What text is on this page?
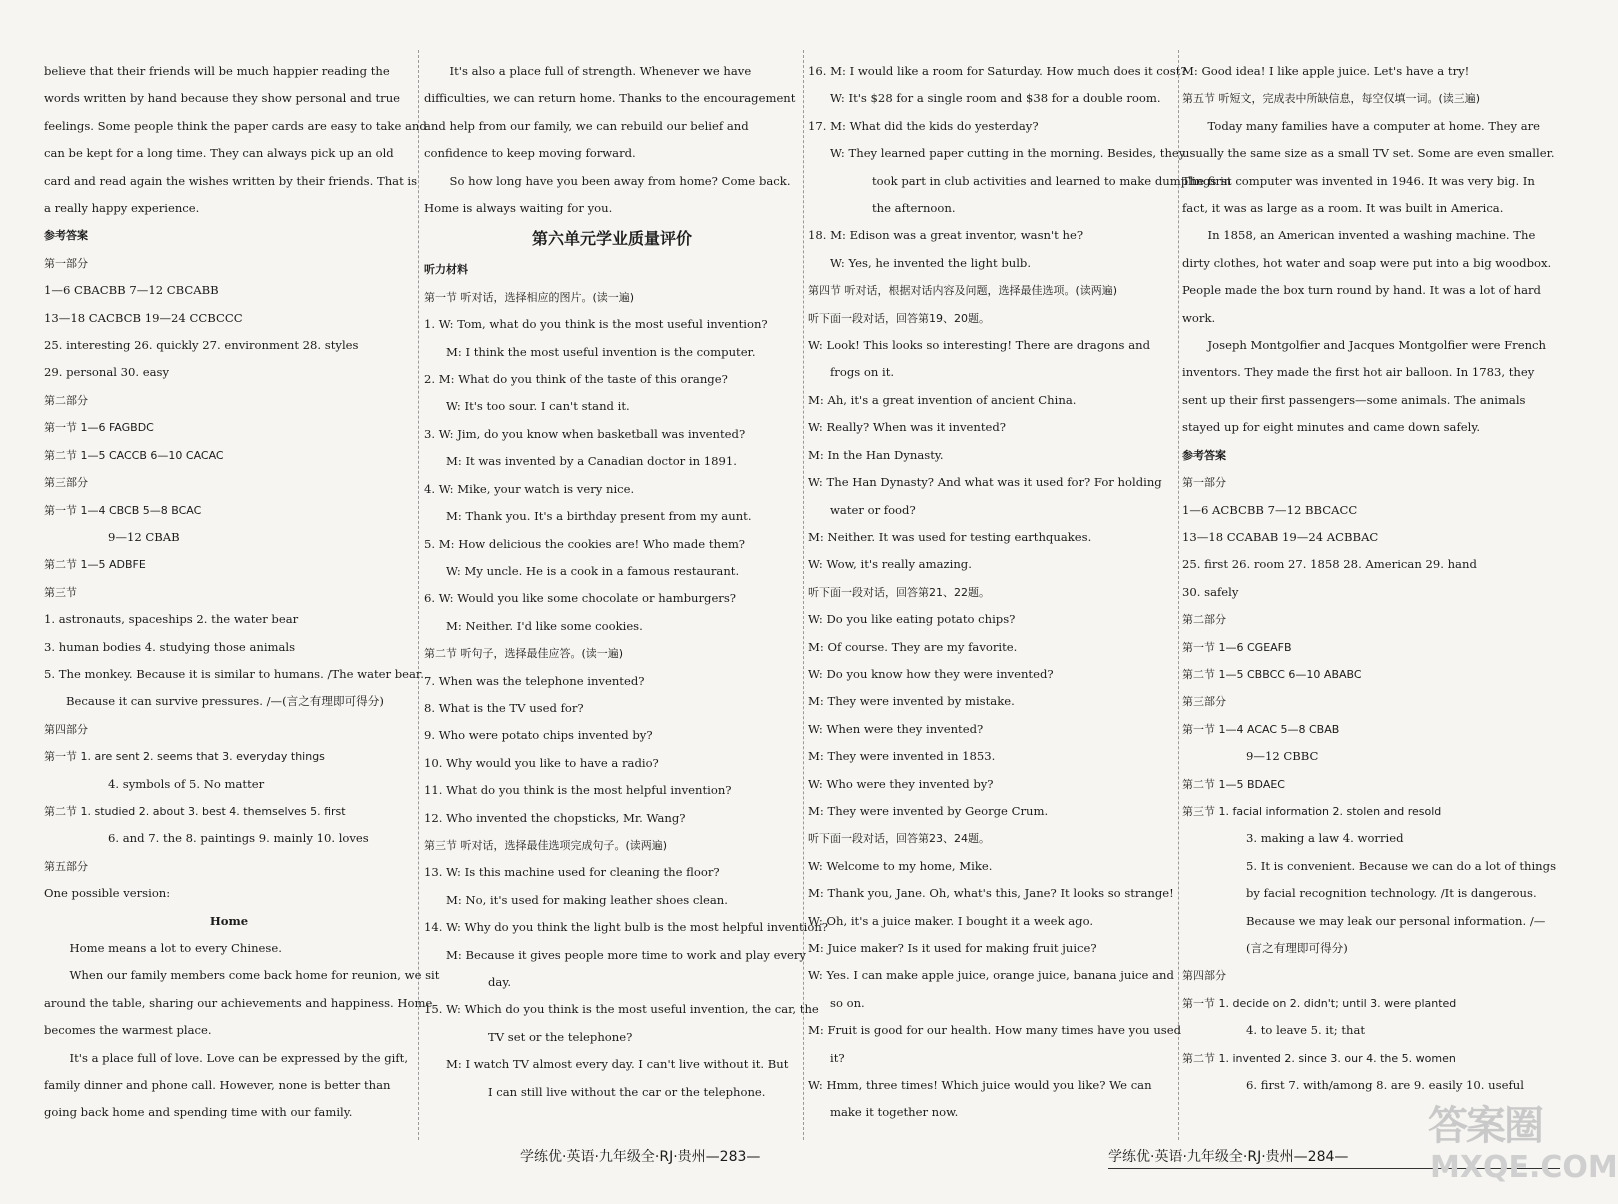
believe that their friends will be much happier reading the
words written by hand because they show personal and true
feelings. Some people think the paper cards are easy to take and
can be kept for a long time. They can always pick up an old
card and read again the wishes written by their friends. That is
a really happy experience.
参考答案
第一部分
1—6 CBACBB 7—12 CBCABB
13—18 CACBCB 19—24 CCBCCC
25. interesting 26. quickly 27. environment 28. styles
29. personal 30. easy
第二部分
第一节 1—6 FAGBDC
第二节 1—5 CACCB 6—10 CACAC
第三部分
第一节 1—4 CBCB 5—8 BCAC
9—12 CBAB
第二节 1—5 ADBFE
第三节
1. astronauts, spaceships 2. the water bear
3. human bodies 4. studying those animals
5. The monkey. Because it is similar to humans. /The water bear.
Because it can survive pressures. /—(言之有理即可得分)
第四部分
第一节 1. are sent 2. seems that 3. everyday things
4. symbols of 5. No matter
第二节 1. studied 2. about 3. best 4. themselves 5. first
6. and 7. the 8. paintings 9. mainly 10. loves
第五部分
One possible version:
Home
Home means a lot to every Chinese.
When our family members come back home for reunion, we sit
around the table, sharing our achievements and happiness. Home
becomes the warmest place.
It's a place full of love. Love can be expressed by the gift,
family dinner and phone call. However, none is better than
going back home and spending time with our family.
It's also a place full of strength. Whenever we have
difficulties, we can return home. Thanks to the encouragement
and help from our family, we can rebuild our belief and
confidence to keep moving forward.
So how long have you been away from home? Come back.
Home is always waiting for you.
第六单元学业质量评价
听力材料
第一节 听对话，选择相应的图片。(读一遍)
1. W: Tom, what do you think is the most useful invention?
M: I think the most useful invention is the computer.
2. M: What do you think of the taste of this orange?
W: It's too sour. I can't stand it.
3. W: Jim, do you know when basketball was invented?
M: It was invented by a Canadian doctor in 1891.
4. W: Mike, your watch is very nice.
M: Thank you. It's a birthday present from my aunt.
5. M: How delicious the cookies are! Who made them?
W: My uncle. He is a cook in a famous restaurant.
6. W: Would you like some chocolate or hamburgers?
M: Neither. I'd like some cookies.
第二节 听句子，选择最佳应答。(读一遍)
7. When was the telephone invented?
8. What is the TV used for?
9. Who were potato chips invented by?
10. Why would you like to have a radio?
11. What do you think is the most helpful invention?
12. Who invented the chopsticks, Mr. Wang?
第三节 听对话，选择最佳选项完成句子。(读两遍)
13. W: Is this machine used for cleaning the floor?
M: No, it's used for making leather shoes clean.
14. W: Why do you think the light bulb is the most helpful invention?
M: Because it gives people more time to work and play every
day.
15. W: Which do you think is the most useful invention, the car, the
TV set or the telephone?
M: I watch TV almost every day. I can't live without it. But
I can still live without the car or the telephone.
16. M: I would like a room for Saturday. How much does it cost?
W: It's $28 for a single room and $38 for a double room.
17. M: What did the kids do yesterday?
W: They learned paper cutting in the morning. Besides, they
took part in club activities and learned to make dumplings in
the afternoon.
18. M: Edison was a great inventor, wasn't he?
W: Yes, he invented the light bulb.
第四节 听对话，根据对话内容及问题，选择最佳选项。(读两遍)
听下面一段对话，回答第19、20题。
W: Look! This looks so interesting! There are dragons and
frogs on it.
M: Ah, it's a great invention of ancient China.
W: Really? When was it invented?
M: In the Han Dynasty.
W: The Han Dynasty? And what was it used for? For holding
water or food?
M: Neither. It was used for testing earthquakes.
W: Wow, it's really amazing.
听下面一段对话，回答第21、22题。
W: Do you like eating potato chips?
M: Of course. They are my favorite.
W: Do you know how they were invented?
M: They were invented by mistake.
W: When were they invented?
M: They were invented in 1853.
W: Who were they invented by?
M: They were invented by George Crum.
听下面一段对话，回答第23、24题。
W: Welcome to my home, Mike.
M: Thank you, Jane. Oh, what's this, Jane? It looks so strange!
W: Oh, it's a juice maker. I bought it a week ago.
M: Juice maker? Is it used for making fruit juice?
W: Yes. I can make apple juice, orange juice, banana juice and
so on.
M: Fruit is good for our health. How many times have you used
it?
W: Hmm, three times! Which juice would you like? We can
make it together now.
M: Good idea! I like apple juice. Let's have a try!
第五节 听短文，完成表中所缺信息，每空仅填一词。(读三遍)
Today many families have a computer at home. They are
usually the same size as a small TV set. Some are even smaller.
The first computer was invented in 1946. It was very big. In
fact, it was as large as a room. It was built in America.
In 1858, an American invented a washing machine. The
dirty clothes, hot water and soap were put into a big woodbox.
People made the box turn round by hand. It was a lot of hard
work.
Joseph Montgolfier and Jacques Montgolfier were French
inventors. They made the first hot air balloon. In 1783, they
sent up their first passengers—some animals. The animals
stayed up for eight minutes and came down safely.
参考答案
第一部分
1—6 ACBCBB 7—12 BBCACC
13—18 CCABAB 19—24 ACBBAC
25. first 26. room 27. 1858 28. American 29. hand
30. safely
第二部分
第一节 1—6 CGEAFB
第二节 1—5 CBBCC 6—10 ABABC
第三部分
第一节 1—4 ACAC 5—8 CBAB
9—12 CBBC
第二节 1—5 BDAEC
第三节 1. facial information 2. stolen and resold
3. making a law 4. worried
5. It is convenient. Because we can do a lot of things
by facial recognition technology. /It is dangerous.
Because we may leak our personal information. /—
(言之有理即可得分)
第四部分
第一节 1. decide on 2. didn't; until 3. were planted
4. to leave 5. it; that
第二节 1. invented 2. since 3. our 4. the 5. women
6. first 7. with/among 8. are 9. easily 10. useful
学练优·英语·九年级全·RJ·贵州—283—	学练优·英语·九年级全·RJ·贵州—284—
答案圈
MXQE.COM
